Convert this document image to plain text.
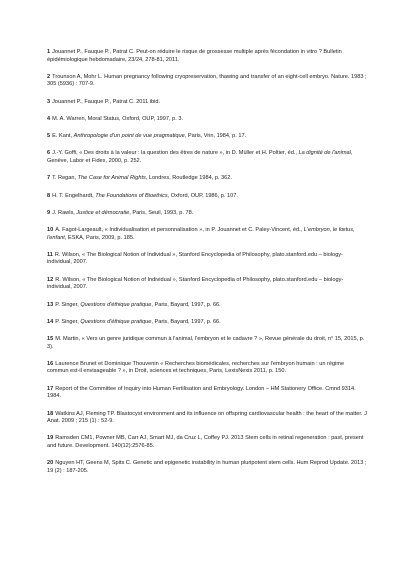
1 Jouannet P., Fauque P., Patrat C. Peut-on réduire le risque de grossesse multiple après fécondation in vitro ? Bulletin épidémiologique hebdomadaire, 23/24, 278-81, 2011.
2 Trounson A, Mohr L. Human pregnancy following cryopreservation, thawing and transfer of an eight-cell embryo. Nature. 1983 ; 305 (5936) : 707-9.
3 Jouannet P., Fauque P., Patrat C. 2011 ibid.
4 M. A. Warren, Moral Status, Oxford, OUP, 1997, p. 3.
5 E. Kant, Anthropologie d'un point de vue pragmatique, Paris, Vrin, 1984, p. 17.
6 J.-Y. Goffi, « Des droits à la valeur : la question des êtres de nature », in D. Müller et H. Poltier, éd., La dignité de l'animal, Genève, Labor et Fides, 2000, p. 252.
7 T. Regan, The Case for Animal Rights, Londres, Routledge 1984, p. 362.
8 H. T. Engelhardt, The Foundations of Bioethics, Oxford, OUP, 1986, p. 107.
9 J. Rawls, Justice et démocratie, Paris, Seuil, 1993, p. 78.
10 A. Fagot-Largeault, « Individualisation et personnalisation », in P. Jouannet et C. Paley-Vincent, éd., L'embryon, le fœtus, l'enfant, ESKA, Paris, 2009, p. 185.
11 R. Wilson, « The Biological Notion of Individual », Stanford Encyclopedia of Philosophy, plato.stanford.edu – biology-individual, 2007.
12 R. Wilson, « The Biological Notion of Individual », Stanford Encyclopedia of Philosophy, plato.stanford.edu – biology-individual, 2007.
13 P. Singer, Questions d'éthique pratique, Paris, Bayard, 1997, p. 66.
14 P. Singer, Questions d'éthique pratique, Paris, Bayard, 1997, p. 66.
15 M. Martin, « Vers un genre juridique commun à l'animal, l'embryon et le cadavre ? », Revue générale du droit, n° 15, 2015, p. 3).
16 Laurence Brunet et Dominique Thouvenin « Recherches biomédicales, recherches sur l'embryon humain : un régime commun est-il envisageable ? », in Droit, sciences et techniques, Paris, LexisNexis 2011, p. 150.
17 Report of the Committee of Inquiry into Human Fertilisation and Embryology. London – HM Stationery Office. Cmnd 9314. 1984.
18 Watkins AJ, Fleming TP. Blastocyst environment and its influence on offspring cardiovascular health : the heart of the matter. J Anat. 2009 ; 215 (1) : 52-9.
19 Ramsden CM1, Powner MB, Carr AJ, Smart MJ, da Cruz L, Coffey PJ. 2013 Stem cells in retinal regeneration : past, present and future. Development. 140(12):2576-85.
20 Nguyen HT, Geens M, Spits C. Genetic and epigenetic instability in human pluripotent stem cells. Hum Reprod Update. 2013 ; 19 (2) : 187-205.
